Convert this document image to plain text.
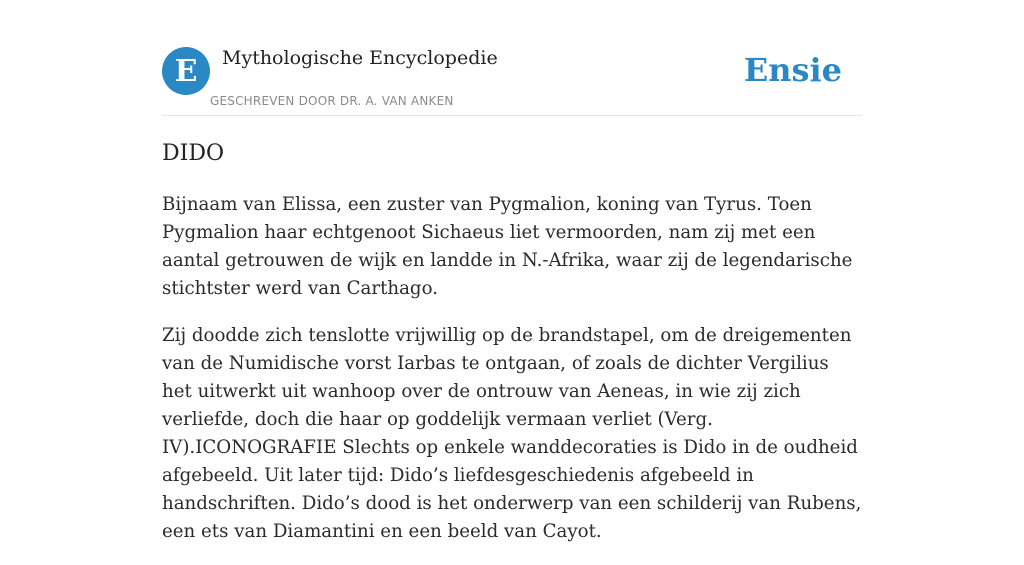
E	Mythologische Encyclopedie
GESCHREVEN DOOR DR. A. VAN ANKEN
Ensie
DIDO

Bijnaam van Elissa, een zuster van Pygmalion, koning van Tyrus. Toen Pygmalion haar echtgenoot Sichaeus liet vermoorden, nam zij met een aantal getrouwen de wijk en landde in N.-Afrika, waar zij de legendarische stichtster werd van Carthago.

Zij doodde zich tenslotte vrijwillig op de brandstapel, om de dreigementen van de Numidische vorst Iarbas te ontgaan, of zoals de dichter Vergilius het uitwerkt uit wanhoop over de ontrouw van Aeneas, in wie zij zich verliefde, doch die haar op goddelijk vermaan verliet (Verg. IV).ICONOGRAFIE Slechts op enkele wanddecoraties is Dido in de oudheid afgebeeld. Uit later tijd: Dido’s liefdesgeschiedenis afgebeeld in handschriften. Dido’s dood is het onderwerp van een schilderij van Rubens, een ets van Diamantini en een beeld van Cayot.
